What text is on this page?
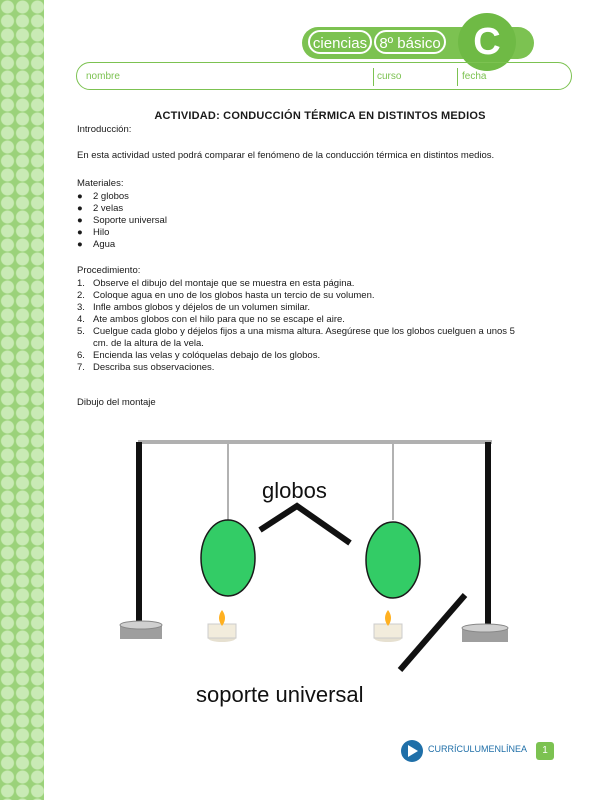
ciencias 8º básico C
nombre	curso	fecha
ACTIVIDAD: CONDUCCIÓN TÉRMICA EN DISTINTOS MEDIOS
Introducción:
En esta actividad usted podrá comparar el fenómeno de la conducción térmica en distintos medios.
Materiales:
● 2 globos
● 2 velas
● Soporte universal
● Hilo
● Agua
Procedimiento:
1. Observe el dibujo del montaje que se muestra en esta página.
2. Coloque agua en uno de los globos hasta un tercio de su volumen.
3. Infle ambos globos y déjelos de un volumen similar.
4. Ate ambos globos con el hilo para que no se escape el aire.
5. Cuelgue cada globo y déjelos fijos a una misma altura. Asegúrese que los globos cuelguen a unos 5
cm. de la altura de la vela.
6. Encienda las velas y colóquelas debajo de los globos.
7. Describa sus observaciones.
Dibujo del montaje
globos
soporte universal
CURRÍCULUMENLÍNEA	1
